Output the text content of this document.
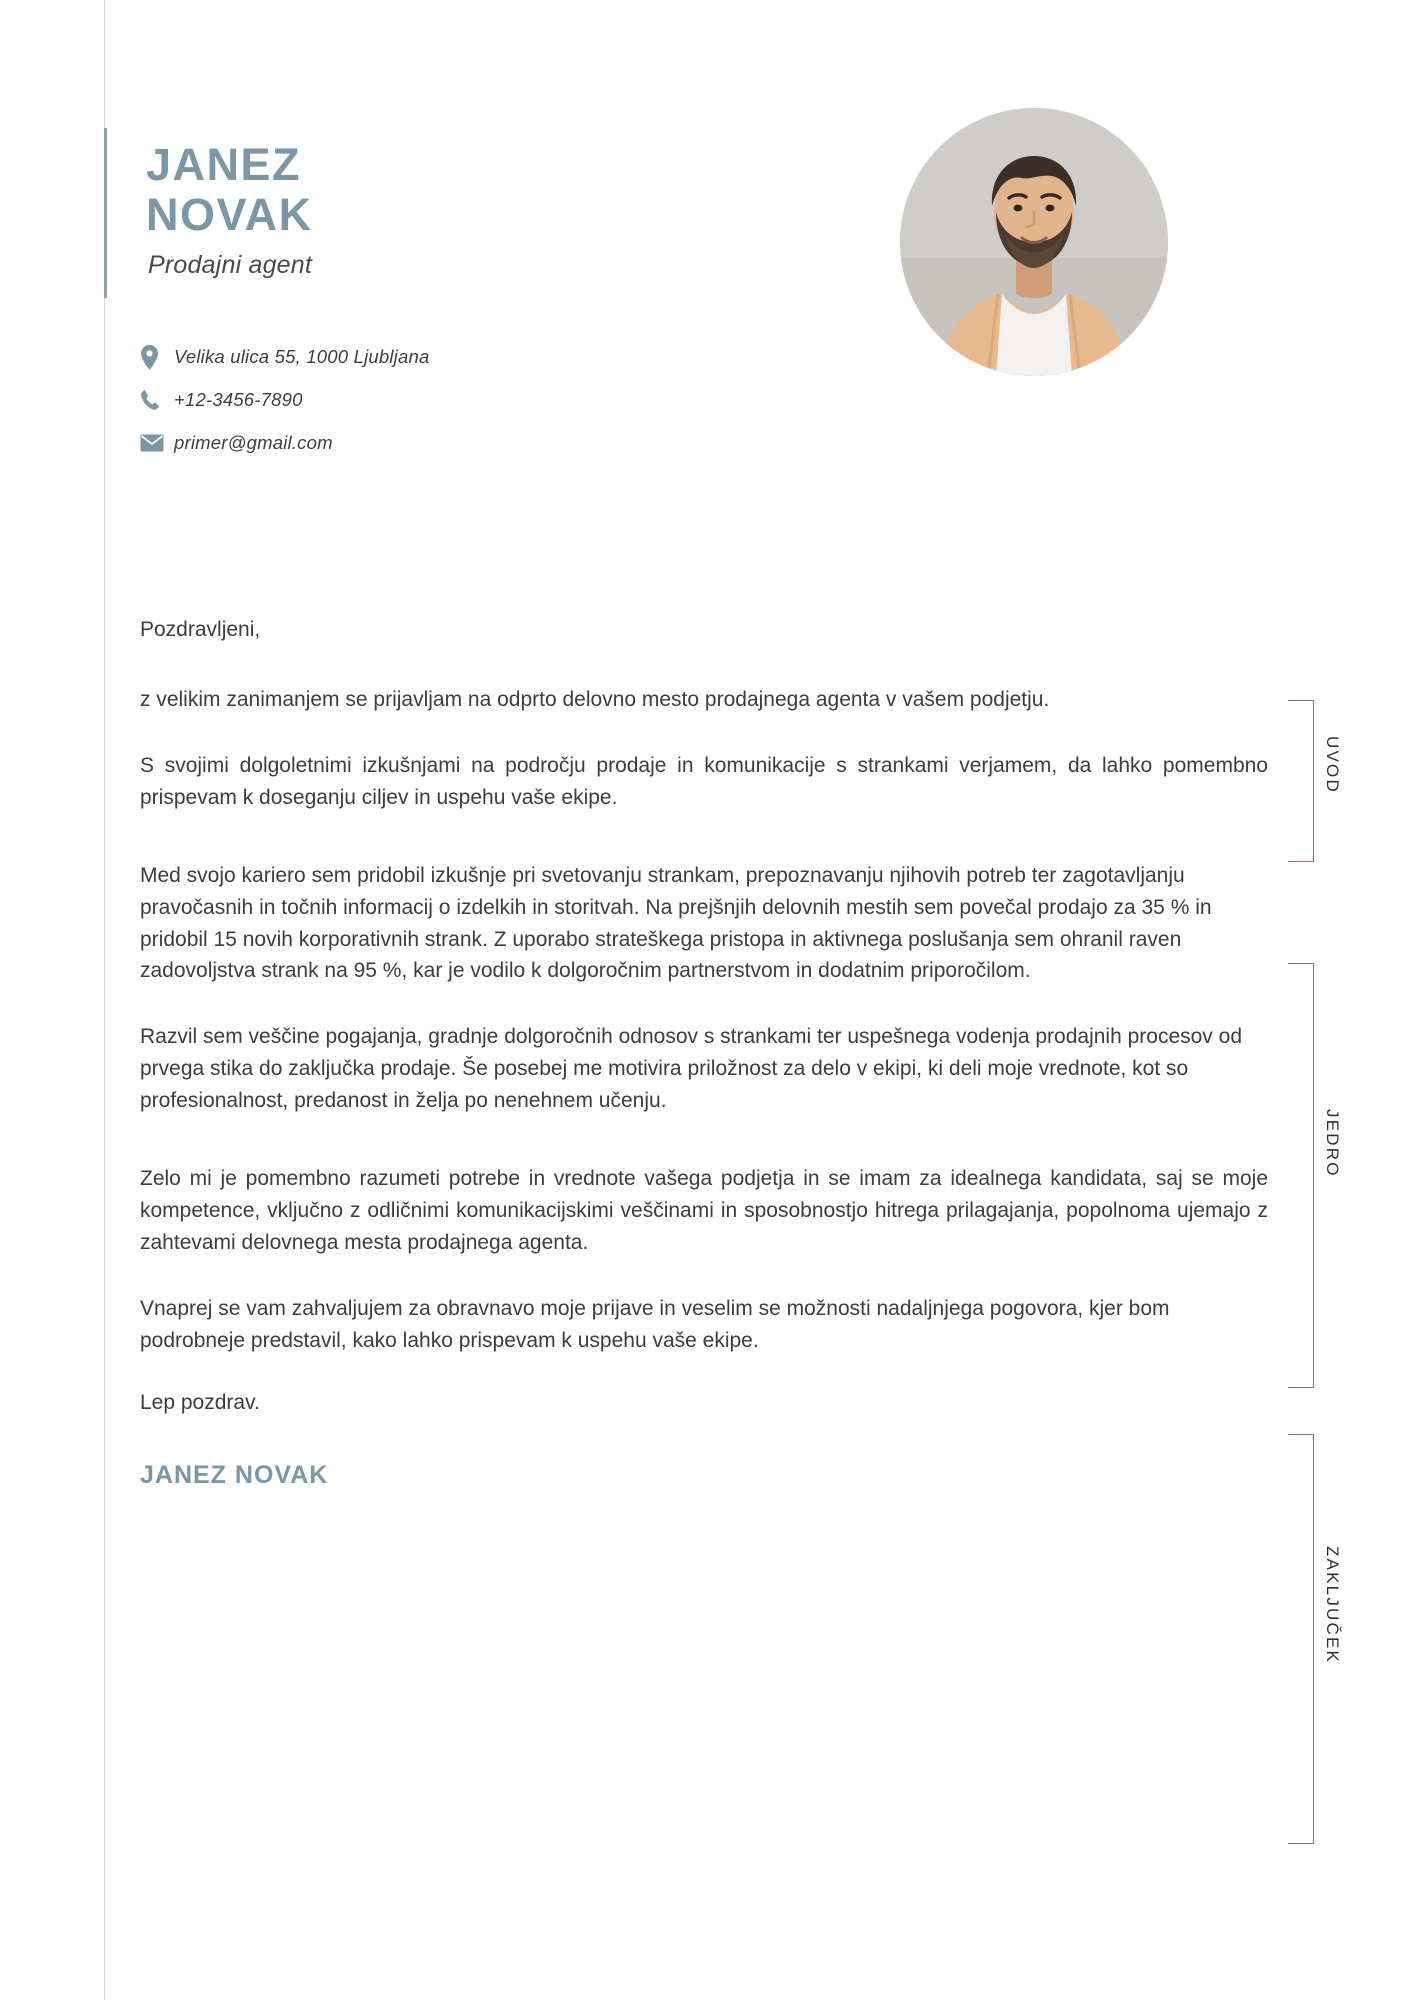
JANEZ
NOVAK
Prodajni agent
Velika ulica 55, 1000 Ljubljana
+12-3456-7890
primer@gmail.com

Pozdravljeni,

z velikim zanimanjem se prijavljam na odprto delovno mesto prodajnega agenta v vašem podjetju.

S svojimi dolgoletnimi izkušnjami na področju prodaje in komunikacije s strankami verjamem, da lahko pomembno prispevam k doseganju ciljev in uspehu vaše ekipe.

Med svojo kariero sem pridobil izkušnje pri svetovanju strankam, prepoznavanju njihovih potreb ter zagotavljanju pravočasnih in točnih informacij o izdelkih in storitvah. Na prejšnjih delovnih mestih sem povečal prodajo za 35 % in pridobil 15 novih korporativnih strank. Z uporabo strateškega pristopa in aktivnega poslušanja sem ohranil raven zadovoljstva strank na 95 %, kar je vodilo k dolgoročnim partnerstvom in dodatnim priporočilom.

Razvil sem veščine pogajanja, gradnje dolgoročnih odnosov s strankami ter uspešnega vodenja prodajnih procesov od prvega stika do zaključka prodaje. Še posebej me motivira priložnost za delo v ekipi, ki deli moje vrednote, kot so profesionalnost, predanost in želja po nenehnem učenju.

Zelo mi je pomembno razumeti potrebe in vrednote vašega podjetja in se imam za idealnega kandidata, saj se moje kompetence, vključno z odličnimi komunikacijskimi veščinami in sposobnostjo hitrega prilagajanja, popolnoma ujemajo z zahtevami delovnega mesta prodajnega agenta.

Vnaprej se vam zahvaljujem za obravnavo moje prijave in veselim se možnosti nadaljnjega pogovora, kjer bom podrobneje predstavil, kako lahko prispevam k uspehu vaše ekipe.

Lep pozdrav.

JANEZ NOVAK
UVOD
JEDRO
ZAKLJUČEK
